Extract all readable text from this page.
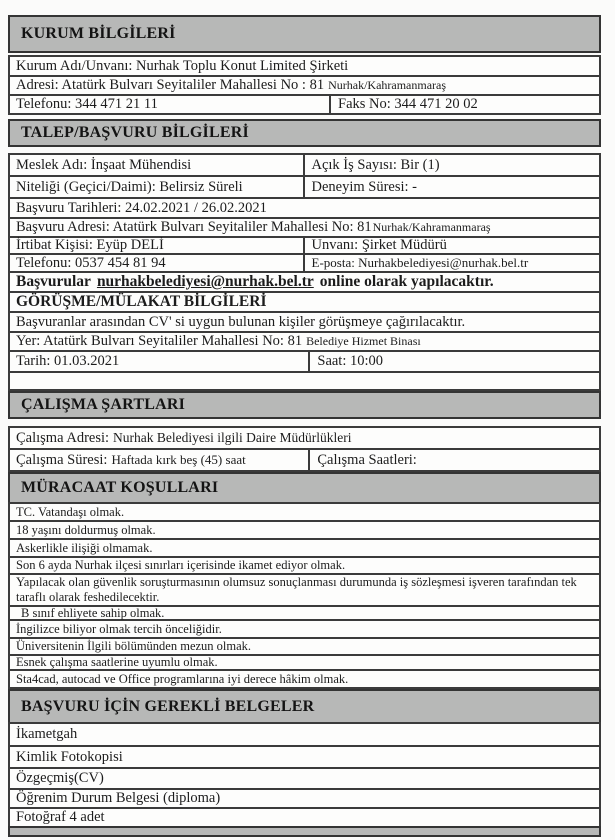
KURUM BİLGİLERİ
Kurum Adı/Unvanı: Nurhak Toplu Konut Limited Şirketi
Adresi: Atatürk Bulvarı Seyitaliler Mahallesi No : 81 Nurhak/Kahramanmaraş
Telefonu: 344 471 21 11	Faks No: 344 471 20 02
TALEP/BAŞVURU BİLGİLERİ
Meslek Adı: İnşaat Mühendisi	Açık İş Sayısı: Bir (1)
Niteliği (Geçici/Daimi): Belirsiz Süreli	Deneyim Süresi: -
Başvuru Tarihleri: 24.02.2021 / 26.02.2021
Başvuru Adresi: Atatürk Bulvarı Seyitaliler Mahallesi No: 81 Nurhak/Kahramanmaraş
İrtibat Kişisi: Eyüp DELİ	Unvanı: Şirket Müdürü
Telefonu: 0537 454 81 94	E-posta: Nurhakbelediyesi@nurhak.bel.tr
Başvurular nurhakbelediyesi@nurhak.bel.tr online olarak yapılacaktır.
GÖRÜŞME/MÜLAKAT BİLGİLERİ
Başvuranlar arasından CV' si uygun bulunan kişiler görüşmeye çağırılacaktır.
Yer: Atatürk Bulvarı Seyitaliler Mahallesi No: 81 Belediye Hizmet Binası
Tarih: 01.03.2021	Saat: 10:00
ÇALIŞMA ŞARTLARI
Çalışma Adresi: Nurhak Belediyesi ilgili Daire Müdürlükleri
Çalışma Süresi: Haftada kırk beş (45) saat	Çalışma Saatleri:
MÜRACAAT KOŞULLARI
TC. Vatandaşı olmak.
18 yaşını doldurmuş olmak.
Askerlikle ilişiği olmamak.
Son 6 ayda Nurhak ilçesi sınırları içerisinde ikamet ediyor olmak.
Yapılacak olan güvenlik soruşturmasının olumsuz sonuçlanması durumunda iş sözleşmesi işveren tarafından tek taraflı olarak feshedilecektir.
B sınıf ehliyete sahip olmak.
İngilizce biliyor olmak tercih önceliğidir.
Üniversitenin İlgili bölümünden mezun olmak.
Esnek çalışma saatlerine uyumlu olmak.
Sta4cad, autocad ve Office programlarına iyi derece hâkim olmak.
BAŞVURU İÇİN GEREKLİ BELGELER
İkametgah
Kimlik Fotokopisi
Özgeçmiş(CV)
Öğrenim Durum Belgesi (diploma)
Fotoğraf 4 adet
